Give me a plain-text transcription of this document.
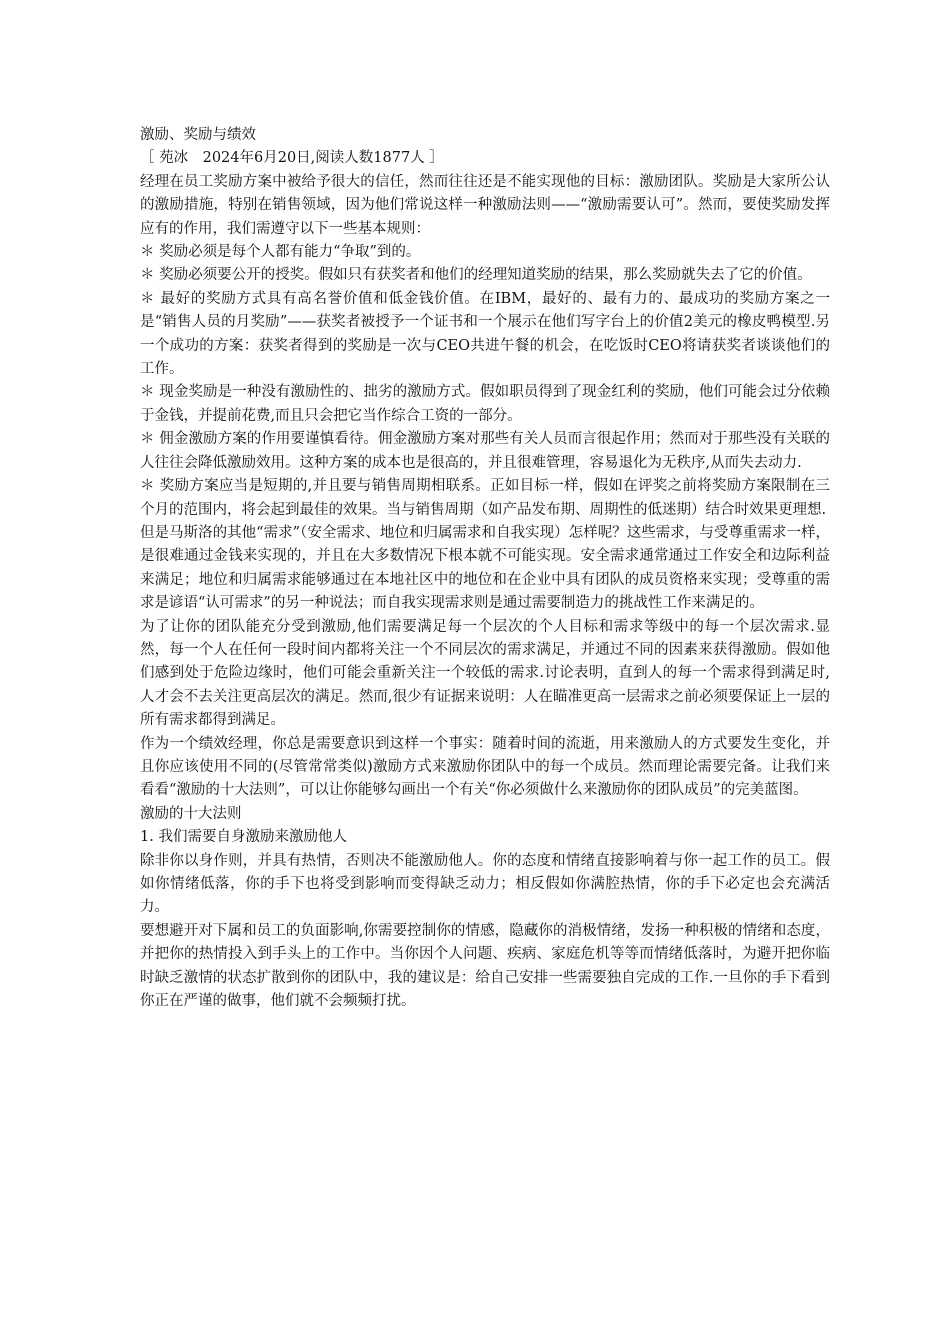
激励、奖励与绩效

［ 苑冰　2024年6月20日,阅读人数1877人 ］

经理在员工奖励方案中被给予很大的信任，然而往往还是不能实现他的目标：激励团队。奖励是大家所公认的激励措施，特别在销售领域，因为他们常说这样一种激励法则——“激励需要认可”。然而，要使奖励发挥应有的作用，我们需遵守以下一些基本规则：

＊ 奖励必须是每个人都有能力“争取”到的。

＊ 奖励必须要公开的授奖。假如只有获奖者和他们的经理知道奖励的结果，那么奖励就失去了它的价值。

＊ 最好的奖励方式具有高名誉价值和低金钱价值。在IBM，最好的、最有力的、最成功的奖励方案之一是“销售人员的月奖励”——获奖者被授予一个证书和一个展示在他们写字台上的价值2美元的橡皮鸭模型.另一个成功的方案：获奖者得到的奖励是一次与CEO共进午餐的机会，在吃饭时CEO将请获奖者谈谈他们的工作。

＊ 现金奖励是一种没有激励性的、拙劣的激励方式。假如职员得到了现金红利的奖励，他们可能会过分依赖于金钱，并提前花费,而且只会把它当作综合工资的一部分。

＊ 佣金激励方案的作用要谨慎看待。佣金激励方案对那些有关人员而言很起作用；然而对于那些没有关联的人往往会降低激励效用。这种方案的成本也是很高的，并且很难管理，容易退化为无秩序,从而失去动力.

＊ 奖励方案应当是短期的,并且要与销售周期相联系。正如目标一样，假如在评奖之前将奖励方案限制在三个月的范围内，将会起到最佳的效果。当与销售周期（如产品发布期、周期性的低迷期）结合时效果更理想.

但是马斯洛的其他“需求”（安全需求、地位和归属需求和自我实现）怎样呢？这些需求，与受尊重需求一样，是很难通过金钱来实现的，并且在大多数情况下根本就不可能实现。安全需求通常通过工作安全和边际利益来满足；地位和归属需求能够通过在本地社区中的地位和在企业中具有团队的成员资格来实现；受尊重的需求是谚语“认可需求”的另一种说法；而自我实现需求则是通过需要制造力的挑战性工作来满足的。

为了让你的团队能充分受到激励,他们需要满足每一个层次的个人目标和需求等级中的每一个层次需求.显然，每一个人在任何一段时间内都将关注一个不同层次的需求满足，并通过不同的因素来获得激励。假如他们感到处于危险边缘时，他们可能会重新关注一个较低的需求.讨论表明，直到人的每一个需求得到满足时,人才会不去关注更高层次的满足。然而,很少有证据来说明：人在瞄准更高一层需求之前必须要保证上一层的所有需求都得到满足。

作为一个绩效经理，你总是需要意识到这样一个事实：随着时间的流逝，用来激励人的方式要发生变化，并且你应该使用不同的(尽管常常类似)激励方式来激励你团队中的每一个成员。然而理论需要完备。让我们来看看“激励的十大法则”，可以让你能够勾画出一个有关“你必须做什么来激励你的团队成员”的完美蓝图。

激励的十大法则

1. 我们需要自身激励来激励他人

除非你以身作则，并具有热情，否则决不能激励他人。你的态度和情绪直接影响着与你一起工作的员工。假如你情绪低落，你的手下也将受到影响而变得缺乏动力；相反假如你满腔热情，你的手下必定也会充满活力。

要想避开对下属和员工的负面影响,你需要控制你的情感，隐藏你的消极情绪，发扬一种积极的情绪和态度，并把你的热情投入到手头上的工作中。当你因个人问题、疾病、家庭危机等等而情绪低落时，为避开把你临时缺乏激情的状态扩散到你的团队中，我的建议是：给自己安排一些需要独自完成的工作.一旦你的手下看到你正在严谨的做事，他们就不会频频打扰。
